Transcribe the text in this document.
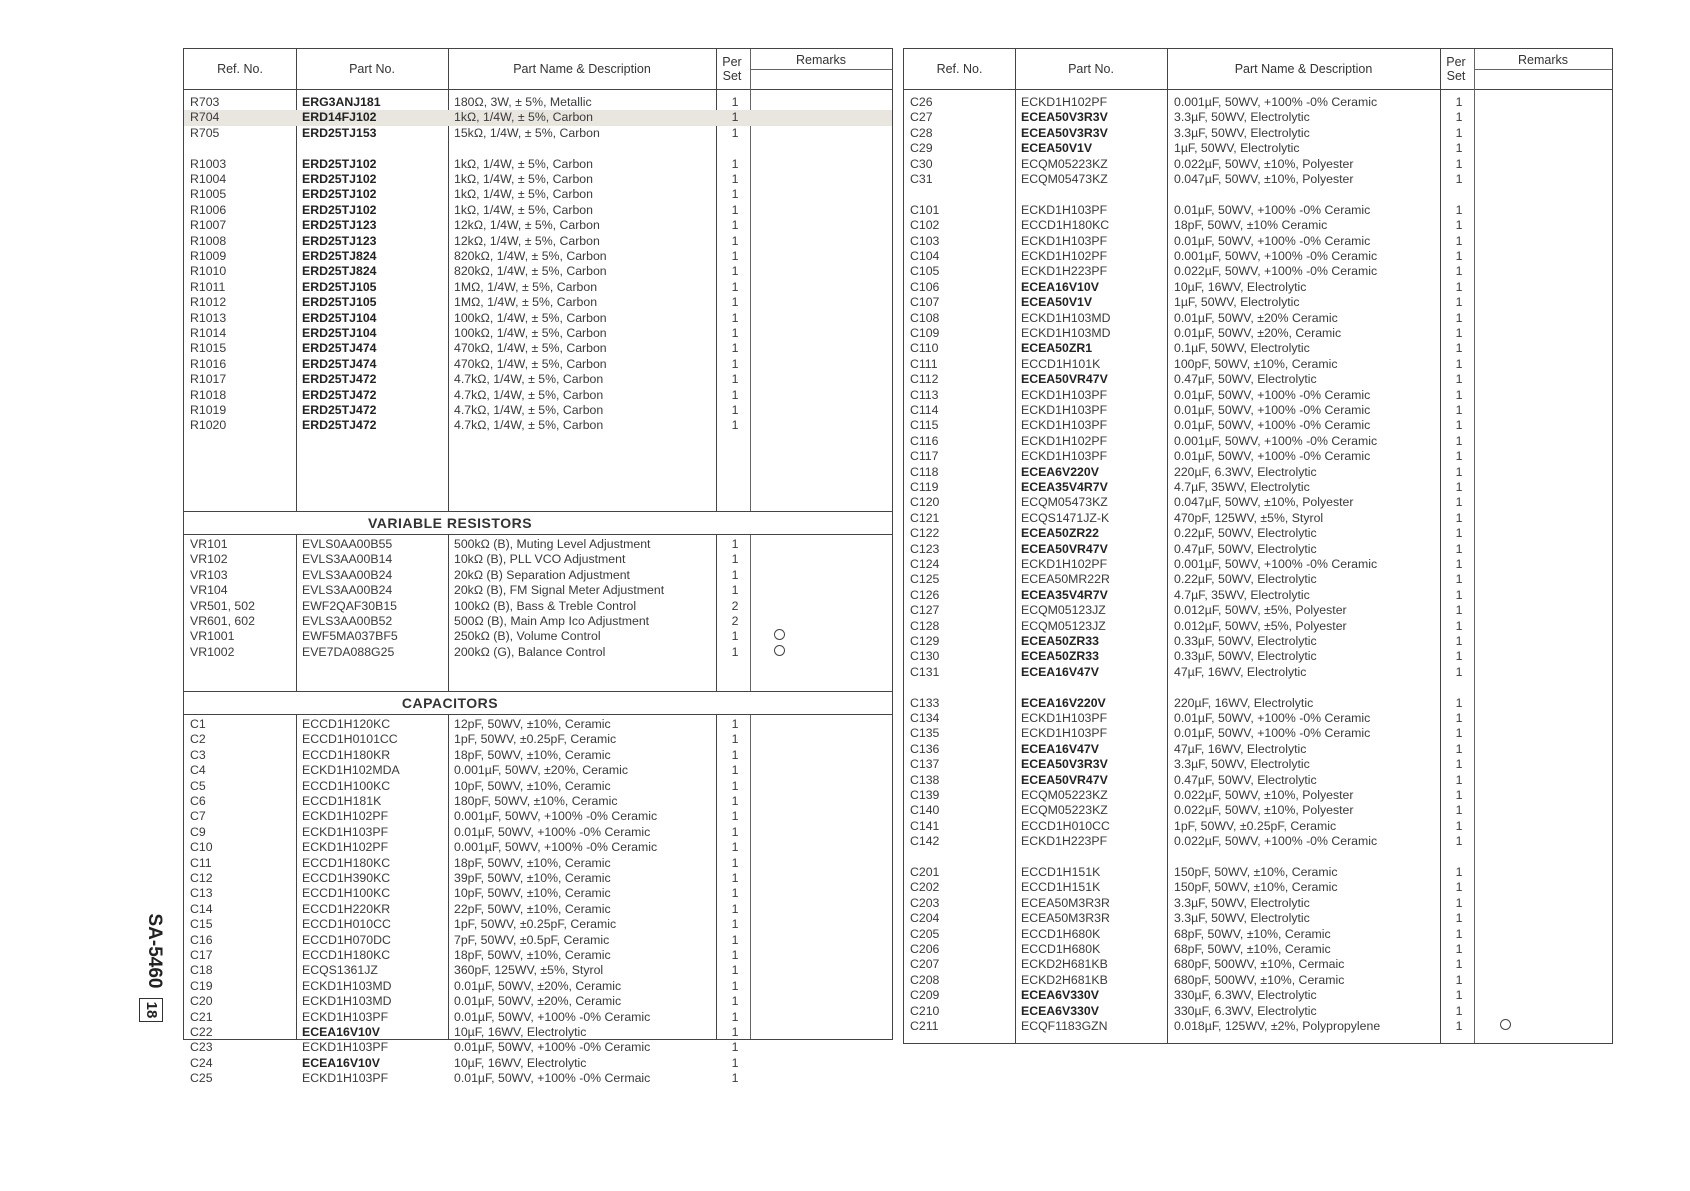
SA-5460
18
Ref. No.	Part No.	Part Name & Description	Per
Set
Remarks
VARIABLE RESISTORS
CAPACITORS
R703	ERG3ANJ181	180Ω, 3W, ± 5%, Metallic	1
R704	ERD14FJ102	1kΩ, 1/4W, ± 5%, Carbon	1
R705	ERD25TJ153	15kΩ, 1/4W, ± 5%, Carbon	1
R1003	ERD25TJ102	1kΩ, 1/4W, ± 5%, Carbon	1
R1004	ERD25TJ102	1kΩ, 1/4W, ± 5%, Carbon	1
R1005	ERD25TJ102	1kΩ, 1/4W, ± 5%, Carbon	1
R1006	ERD25TJ102	1kΩ, 1/4W, ± 5%, Carbon	1
R1007	ERD25TJ123	12kΩ, 1/4W, ± 5%, Carbon	1
R1008	ERD25TJ123	12kΩ, 1/4W, ± 5%, Carbon	1
R1009	ERD25TJ824	820kΩ, 1/4W, ± 5%, Carbon	1
R1010	ERD25TJ824	820kΩ, 1/4W, ± 5%, Carbon	1
R1011	ERD25TJ105	1MΩ, 1/4W, ± 5%, Carbon	1
R1012	ERD25TJ105	1MΩ, 1/4W, ± 5%, Carbon	1
R1013	ERD25TJ104	100kΩ, 1/4W, ± 5%, Carbon	1
R1014	ERD25TJ104	100kΩ, 1/4W, ± 5%, Carbon	1
R1015	ERD25TJ474	470kΩ, 1/4W, ± 5%, Carbon	1
R1016	ERD25TJ474	470kΩ, 1/4W, ± 5%, Carbon	1
R1017	ERD25TJ472	4.7kΩ, 1/4W, ± 5%, Carbon	1
R1018	ERD25TJ472	4.7kΩ, 1/4W, ± 5%, Carbon	1
R1019	ERD25TJ472	4.7kΩ, 1/4W, ± 5%, Carbon	1
R1020	ERD25TJ472	4.7kΩ, 1/4W, ± 5%, Carbon	1
VR101	EVLS0AA00B55	500kΩ (B), Muting Level Adjustment	1
VR102	EVLS3AA00B14	10kΩ (B), PLL VCO Adjustment	1
VR103	EVLS3AA00B24	20kΩ (B) Separation Adjustment	1
VR104	EVLS3AA00B24	20kΩ (B), FM Signal Meter Adjustment	1
VR501, 502	EWF2QAF30B15	100kΩ (B), Bass & Treble Control	2
VR601, 602	EVLS3AA00B52	500Ω (B), Main Amp Ico Adjustment	2
VR1001	EWF5MA037BF5	250kΩ (B), Volume Control	1
VR1002	EVE7DA088G25	200kΩ (G), Balance Control	1
C1	ECCD1H120KC	12pF, 50WV, ±10%, Ceramic	1
C2	ECCD1H0101CC	1pF, 50WV, ±0.25pF, Ceramic	1
C3	ECCD1H180KR	18pF, 50WV, ±10%, Ceramic	1
C4	ECKD1H102MDA	0.001µF, 50WV, ±20%, Ceramic	1
C5	ECCD1H100KC	10pF, 50WV, ±10%, Ceramic	1
C6	ECCD1H181K	180pF, 50WV, ±10%, Ceramic	1
C7	ECKD1H102PF	0.001µF, 50WV, +100% -0% Ceramic	1
C9	ECKD1H103PF	0.01µF, 50WV, +100% -0% Ceramic	1
C10	ECKD1H102PF	0.001µF, 50WV, +100% -0% Ceramic	1
C11	ECCD1H180KC	18pF, 50WV, ±10%, Ceramic	1
C12	ECCD1H390KC	39pF, 50WV, ±10%, Ceramic	1
C13	ECCD1H100KC	10pF, 50WV, ±10%, Ceramic	1
C14	ECCD1H220KR	22pF, 50WV, ±10%, Ceramic	1
C15	ECCD1H010CC	1pF, 50WV, ±0.25pF, Ceramic	1
C16	ECCD1H070DC	7pF, 50WV, ±0.5pF, Ceramic	1
C17	ECCD1H180KC	18pF, 50WV, ±10%, Ceramic	1
C18	ECQS1361JZ	360pF, 125WV, ±5%, Styrol	1
C19	ECKD1H103MD	0.01µF, 50WV, ±20%, Ceramic	1
C20	ECKD1H103MD	0.01µF, 50WV, ±20%, Ceramic	1
C21	ECKD1H103PF	0.01µF, 50WV, +100% -0% Ceramic	1
C22	ECEA16V10V	10µF, 16WV, Electrolytic	1
C23	ECKD1H103PF	0.01µF, 50WV, +100% -0% Ceramic	1
C24	ECEA16V10V	10µF, 16WV, Electrolytic	1
C25	ECKD1H103PF	0.01µF, 50WV, +100% -0% Cermaic	1
Ref. No.	Part No.	Part Name & Description	Per
Set
Remarks
C26	ECKD1H102PF	0.001µF, 50WV, +100% -0% Ceramic	1
C27	ECEA50V3R3V	3.3µF, 50WV, Electrolytic	1
C28	ECEA50V3R3V	3.3µF, 50WV, Electrolytic	1
C29	ECEA50V1V	1µF, 50WV, Electrolytic	1
C30	ECQM05223KZ	0.022µF, 50WV, ±10%, Polyester	1
C31	ECQM05473KZ	0.047µF, 50WV, ±10%, Polyester	1
C101	ECKD1H103PF	0.01µF, 50WV, +100% -0% Ceramic	1
C102	ECCD1H180KC	18pF, 50WV, ±10% Ceramic	1
C103	ECKD1H103PF	0.01µF, 50WV, +100% -0% Ceramic	1
C104	ECKD1H102PF	0.001µF, 50WV, +100% -0% Ceramic	1
C105	ECKD1H223PF	0.022µF, 50WV, +100% -0% Ceramic	1
C106	ECEA16V10V	10µF, 16WV, Electrolytic	1
C107	ECEA50V1V	1µF, 50WV, Electrolytic	1
C108	ECKD1H103MD	0.01µF, 50WV, ±20% Ceramic	1
C109	ECKD1H103MD	0.01µF, 50WV, ±20%, Ceramic	1
C110	ECEA50ZR1	0.1µF, 50WV, Electrolytic	1
C111	ECCD1H101K	100pF, 50WV, ±10%, Ceramic	1
C112	ECEA50VR47V	0.47µF, 50WV, Electrolytic	1
C113	ECKD1H103PF	0.01µF, 50WV, +100% -0% Ceramic	1
C114	ECKD1H103PF	0.01µF, 50WV, +100% -0% Ceramic	1
C115	ECKD1H103PF	0.01µF, 50WV, +100% -0% Ceramic	1
C116	ECKD1H102PF	0.001µF, 50WV, +100% -0% Ceramic	1
C117	ECKD1H103PF	0.01µF, 50WV, +100% -0% Ceramic	1
C118	ECEA6V220V	220µF, 6.3WV, Electrolytic	1
C119	ECEA35V4R7V	4.7µF, 35WV, Electrolytic	1
C120	ECQM05473KZ	0.047µF, 50WV, ±10%, Polyester	1
C121	ECQS1471JZ-K	470pF, 125WV, ±5%, Styrol	1
C122	ECEA50ZR22	0.22µF, 50WV, Electrolytic	1
C123	ECEA50VR47V	0.47µF, 50WV, Electrolytic	1
C124	ECKD1H102PF	0.001µF, 50WV, +100% -0% Ceramic	1
C125	ECEA50MR22R	0.22µF, 50WV, Electrolytic	1
C126	ECEA35V4R7V	4.7µF, 35WV, Electrolytic	1
C127	ECQM05123JZ	0.012µF, 50WV, ±5%, Polyester	1
C128	ECQM05123JZ	0.012µF, 50WV, ±5%, Polyester	1
C129	ECEA50ZR33	0.33µF, 50WV, Electrolytic	1
C130	ECEA50ZR33	0.33µF, 50WV, Electrolytic	1
C131	ECEA16V47V	47µF, 16WV, Electrolytic	1
C133	ECEA16V220V	220µF, 16WV, Electrolytic	1
C134	ECKD1H103PF	0.01µF, 50WV, +100% -0% Ceramic	1
C135	ECKD1H103PF	0.01µF, 50WV, +100% -0% Ceramic	1
C136	ECEA16V47V	47µF, 16WV, Electrolytic	1
C137	ECEA50V3R3V	3.3µF, 50WV, Electrolytic	1
C138	ECEA50VR47V	0.47µF, 50WV, Electrolytic	1
C139	ECQM05223KZ	0.022µF, 50WV, ±10%, Polyester	1
C140	ECQM05223KZ	0.022µF, 50WV, ±10%, Polyester	1
C141	ECCD1H010CC	1pF, 50WV, ±0.25pF, Ceramic	1
C142	ECKD1H223PF	0.022µF, 50WV, +100% -0% Ceramic	1
C201	ECCD1H151K	150pF, 50WV, ±10%, Ceramic	1
C202	ECCD1H151K	150pF, 50WV, ±10%, Ceramic	1
C203	ECEA50M3R3R	3.3µF, 50WV, Electrolytic	1
C204	ECEA50M3R3R	3.3µF, 50WV, Electrolytic	1
C205	ECCD1H680K	68pF, 50WV, ±10%, Ceramic	1
C206	ECCD1H680K	68pF, 50WV, ±10%, Ceramic	1
C207	ECKD2H681KB	680pF, 500WV, ±10%, Cermaic	1
C208	ECKD2H681KB	680pF, 500WV, ±10%, Ceramic	1
C209	ECEA6V330V	330µF, 6.3WV, Electrolytic	1
C210	ECEA6V330V	330µF, 6.3WV, Electrolytic	1
C211	ECQF1183GZN	0.018µF, 125WV, ±2%, Polypropylene	1
